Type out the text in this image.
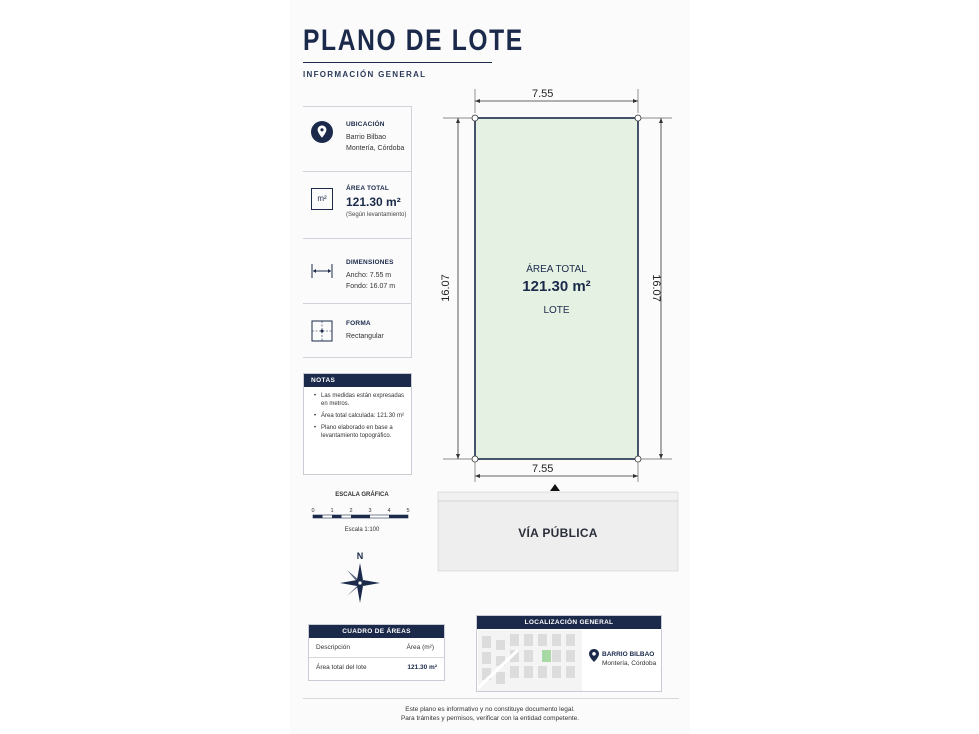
PLANO DE LOTE
INFORMACIÓN GENERAL
UBICACIÓN
Barrio Bilbao
Montería, Córdoba
m²
ÁREA TOTAL
121.30 m²
(Según levantamiento)
DIMENSIONES
Ancho: 7.55 m
Fondo: 16.07 m
FORMA
Rectangular
NOTAS
• Las medidas están expresadas en metros.
• Área total calculada: 121.30 m²
• Plano elaborado en base a levantamiento topográfico.
ESCALA GRÁFICA
0	1	2	3	4	5
Escala 1:100
N
7.55
7.55
16.07	16.07
ÁREA TOTAL
121.30 m²
LOTE
VÍA PÚBLICA
CUADRO DE ÁREAS
Descripción	Área (m²)
Área total del lote	121.30 m²
LOCALIZACIÓN GENERAL
BARRIO BILBAO
Montería, Córdoba
Este plano es informativo y no constituye documento legal.
Para trámites y permisos, verificar con la entidad competente.
